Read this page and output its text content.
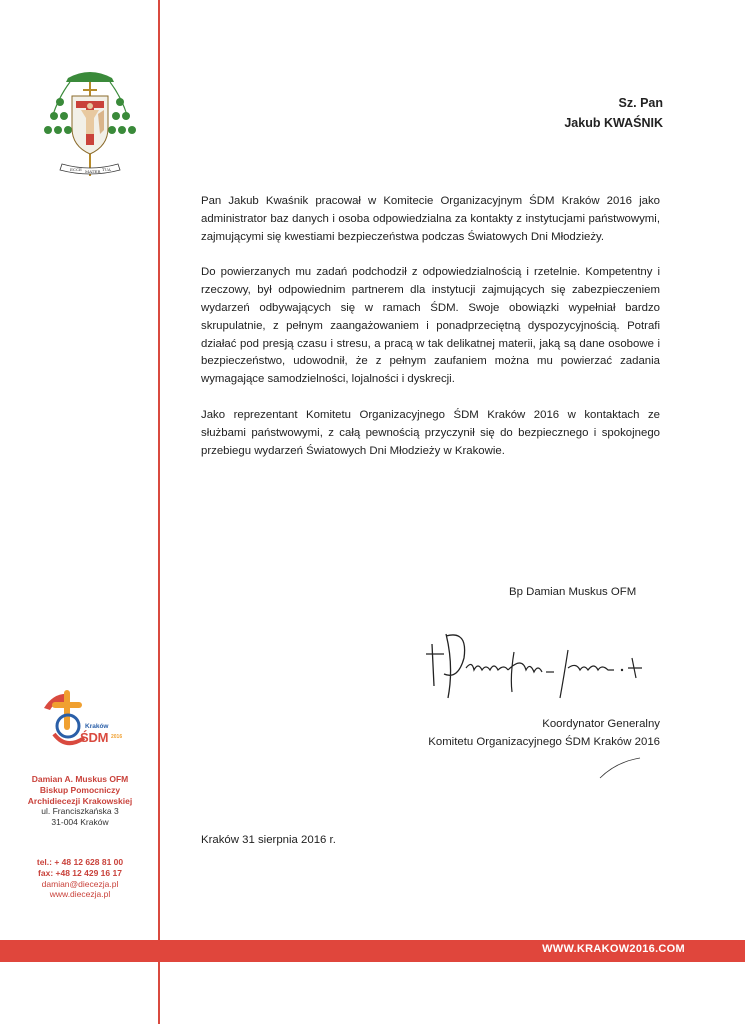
ECCE MATER TUA
Kraków
ŚDM 2016
Damian A. Muskus OFM
Biskup Pomocniczy
Archidiecezji Krakowskiej
ul. Franciszkańska 3
31-004 Kraków
tel.: + 48 12 628 81 00
fax: +48 12 429 16 17
damian@diecezja.pl
www.diecezja.pl
Sz. Pan
Jakub KWAŚNIK

Pan Jakub Kwaśnik pracował w Komitecie Organizacyjnym ŚDM Kraków 2016 jako administrator baz danych i osoba odpowiedzialna za kontakty z instytucjami państwowymi, zajmującymi się kwestiami bezpieczeństwa podczas Światowych Dni Młodzieży.

Do powierzanych mu zadań podchodził z odpowiedzialnością i rzetelnie. Kompetentny i rzeczowy, był odpowiednim partnerem dla instytucji zajmujących się zabezpieczeniem wydarzeń odbywających się w ramach ŚDM. Swoje obowiązki wypełniał bardzo skrupulatnie, z pełnym zaangażowaniem i ponadprzeciętną dyspozycyjnością. Potrafi działać pod presją czasu i stresu, a pracą w tak delikatnej materii, jaką są dane osobowe i bezpieczeństwo, udowodnił, że z pełnym zaufaniem można mu powierzać zadania wymagające samodzielności, lojalności i dyskrecji.

Jako reprezentant Komitetu Organizacyjnego ŚDM Kraków 2016 w kontaktach ze służbami państwowymi, z całą pewnością przyczynił się do bezpiecznego i spokojnego przebiegu wydarzeń Światowych Dni Młodzieży w Krakowie.

Bp Damian Muskus OFM
Koordynator Generalny
Komitetu Organizacyjnego ŚDM Kraków 2016
Kraków 31 sierpnia 2016 r.
WWW.KRAKOW2016.COM
